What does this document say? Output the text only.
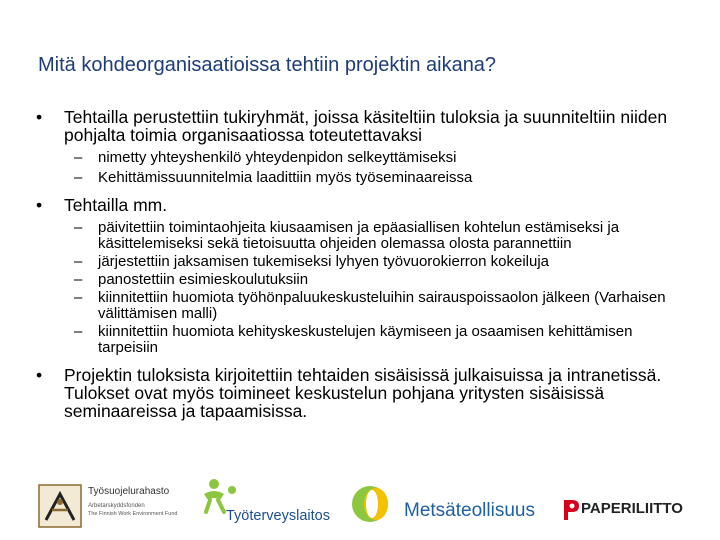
Mitä kohdeorganisaatioissa tehtiin projektin aikana?
• Tehtailla perustettiin tukiryhmät, joissa käsiteltiin tuloksia ja suunniteltiin niiden pohjalta toimia organisaatiossa toteutettavaksi
– nimetty yhteyshenkilö yhteydenpidon selkeyttämiseksi
– Kehittämissuunnitelmia laadittiin myös työseminaareissa
• Tehtailla mm.
– päivitettiin toimintaohjeita kiusaamisen ja epäasiallisen kohtelun estämiseksi ja käsittelemiseksi sekä tietoisuutta ohjeiden olemassa olosta parannettiin
– järjestettiin jaksamisen tukemiseksi lyhyen työvuorokierron kokeiluja
– panostettiin esimieskoulutuksiin
– kiinnitettiin huomiota työhönpaluukeskusteluihin sairauspoissaolon jälkeen (Varhaisen välittämisen malli)
– kiinnitettiin huomiota kehityskeskustelujen käymiseen ja osaamisen kehittämisen tarpeisiin
• Projektin tuloksista kirjoitettiin tehtaiden sisäisissä julkaisuissa ja intranetissä. Tulokset ovat myös toimineet keskustelun pohjana yritysten sisäisissä seminaareissa ja tapaamisissa.
Työsuojelurahasto
Arbetarskyddsfonden
The Finnish Work Environment Fund	Työterveyslaitos	Metsäteollisuus	PAPERILIITTO
